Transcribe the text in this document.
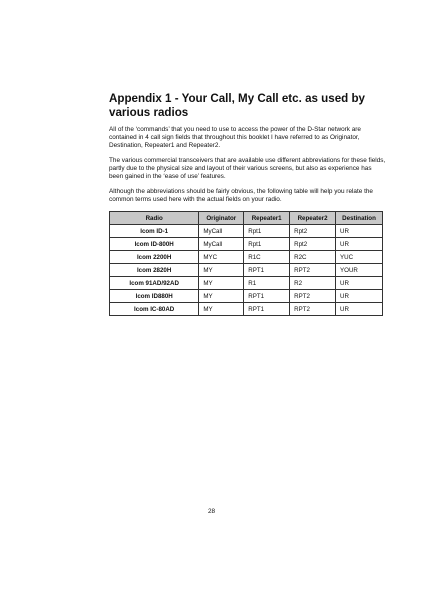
Appendix 1 - Your Call, My Call etc. as used by various radios

All of the ‘commands’ that you need to use to access the power of the D-Star network are contained in 4 call sign fields that throughout this booklet I have referred to as Originator, Destination, Repeater1 and Repeater2.

The various commercial transceivers that are available use different abbreviations for these fields, partly due to the physical size and layout of their various screens, but also as experience has been gained in the ‘ease of use’ features.

Although the abbreviations should be fairly obvious, the following table will help you relate the common terms used here with the actual fields on your radio.

Radio	Originator	Repeater1	Repeater2	Destination
Icom ID-1	MyCall	Rpt1	Rpt2	UR
Icom ID-800H	MyCall	Rpt1	Rpt2	UR
Icom 2200H	MYC	R1C	R2C	YUC
Icom 2820H	MY	RPT1	RPT2	YOUR
Icom 91AD/92AD	MY	R1	R2	UR
Icom ID880H	MY	RPT1	RPT2	UR
Icom IC-80AD	MY	RPT1	RPT2	UR
28
